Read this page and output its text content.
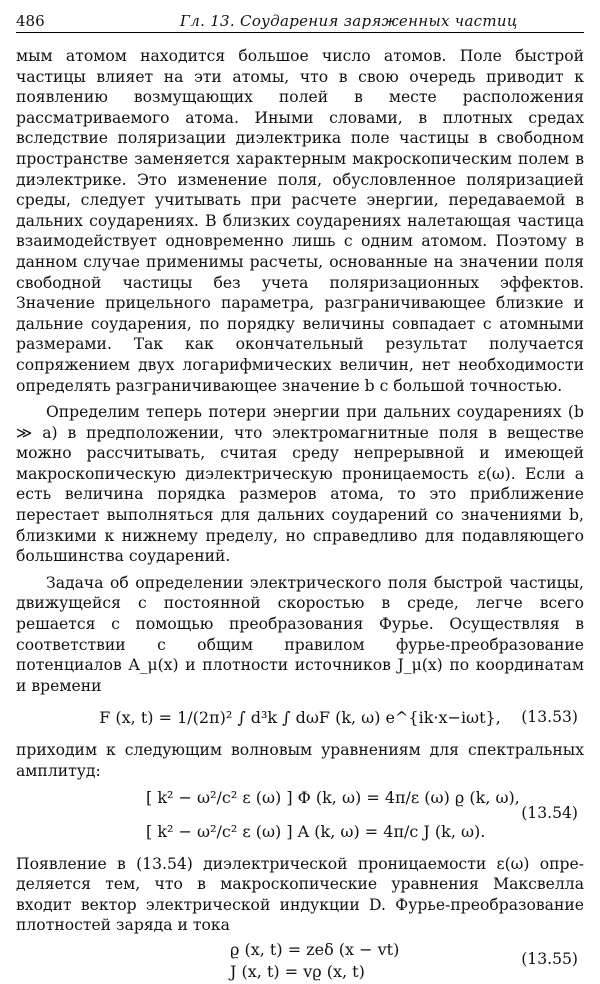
486	Гл. 13. Соударения заряженных частиц

мым атомом находится большое число атомов. Поле быстрой частицы влияет на эти атомы, что в свою очередь приводит к появлению возмущающих полей в месте расположения рассматриваемого атома. Иными словами, в плотных средах вследствие поляризации диэлектрика поле частицы в свободном пространстве заменяется характерным макроскопическим полем в диэлектрике. Это изменение поля, обусловленное поляризацией среды, следует учитывать при расчете энергии, передаваемой в дальних соударениях. В близких соударениях налетающая частица взаимодействует одновременно лишь с одним атомом. Поэтому в данном случае применимы расчеты, основанные на значении поля свободной частицы без учета поляризационных эффектов. Значение прицельного параметра, разграничивающее близкие и дальние соударения, по порядку величины совпадает с атомными размерами. Так как окончательный результат получается сопряжением двух логарифмических величин, нет необходимости определять разграничивающее значение b с большой точностью.

Определим теперь потери энергии при дальних соударениях (b ≫ a) в предположении, что электромагнитные поля в веществе можно рассчитывать, считая среду непрерывной и имеющей макроскопическую диэлектрическую проницаемость ε(ω). Если a есть величина порядка размеров атома, то это приближение перестает выполняться для дальних соударений со значениями b, близкими к нижнему пределу, но справедливо для подавляющего большинства соударений.

Задача об определении электрического поля быстрой частицы, движущейся с постоянной скоростью в среде, легче всего решается с помощью преобразования Фурье. Осуществляя в соответствии с общим правилом фурье-преобразование потенциалов A_μ(x) и плотности источников J_μ(x) по координатам и времени

F (x, t) = 1/(2π)² ∫ d³k ∫ dωF (k, ω) e^{ik·x−iωt},	(13.53)

приходим к следующим волновым уравнениям для спектральных амплитуд:

[ k² − ω²/c² ε (ω) ] Φ (k, ω) = 4π/ε (ω) ϱ (k, ω),
[ k² − ω²/c² ε (ω) ] A (k, ω) = 4π/c J (k, ω).
(13.54)

Появление в (13.54) диэлектрической проницаемости ε(ω) определяется тем, что в макроскопические уравнения Максвелла входит вектор электрической индукции D. Фурье-преобразование плотностей заряда и тока

ϱ (x, t) = zeδ (x − vt)
J (x, t) = vϱ (x, t)
(13.55)
